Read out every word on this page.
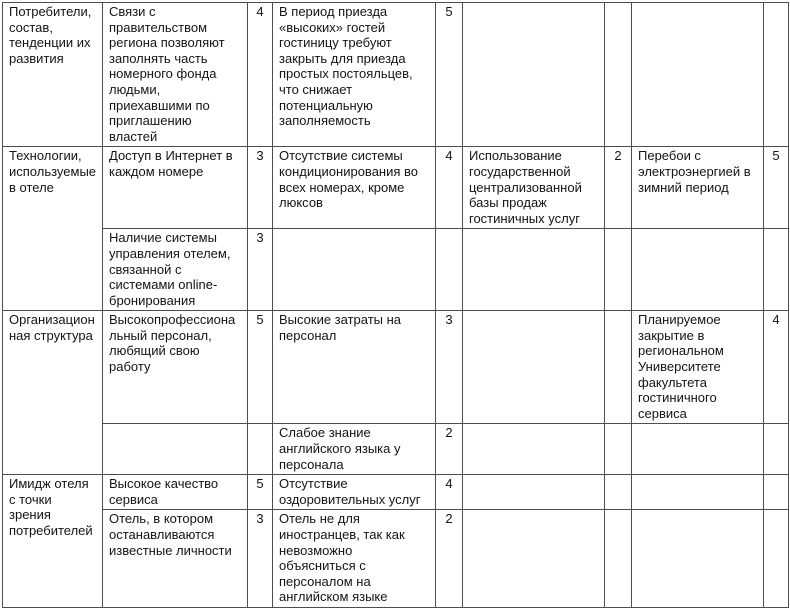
Потребители, состав, тенденции их развития	Связи с правительством региона позволяют заполнять часть номерного фонда людьми, приехавшими по приглашению властей	4	В период приезда «высоких» гостей гостиницу требуют закрыть для приезда простых постояльцев, что снижает потенциальную заполняемость	5				
Технологии, используемые в отеле	Доступ в Интернет в каждом номере	3	Отсутствие системы кондиционирования во всех номерах, кроме люксов	4	Использование государственной централизованной базы продаж гостиничных услуг	2	Перебои с электроэнергией в зимний период	5
	Наличие системы управления отелем, связанной с системами online-бронирования	3						
Организационная структура	Высокопрофессиональный персонал, любящий свою работу	5	Высокие затраты на персонал	3			Планируемое закрытие в региональном Университете факультета гостиничного сервиса	4
			Слабое знание английского языка у персонала	2				
Имидж отеля с точки зрения потребителей	Высокое качество сервиса	5	Отсутствие оздоровительных услуг	4				
	Отель, в котором останавливаются известные личности	3	Отель не для иностранцев, так как невозможно объясниться с персоналом на английском языке	2				
